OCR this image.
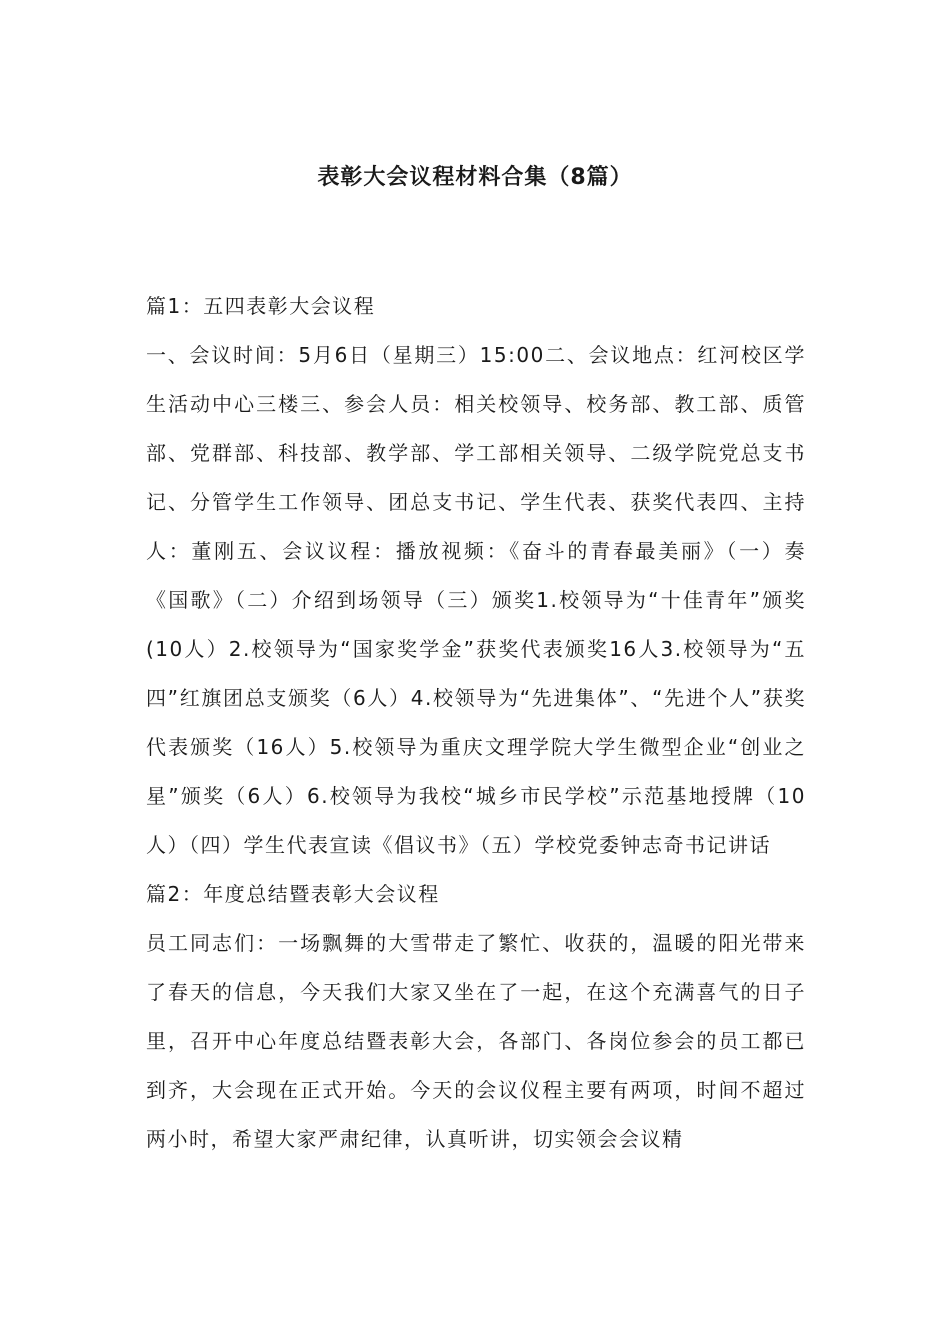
表彰大会议程材料合集（8篇）

篇1：五四表彰大会议程

一、会议时间：5月6日（星期三）15:00二、会议地点：红河校区学生活动中心三楼三、参会人员：相关校领导、校务部、教工部、质管部、党群部、科技部、教学部、学工部相关领导、二级学院党总支书记、分管学生工作领导、团总支书记、学生代表、获奖代表四、主持人：董刚五、会议议程：播放视频：《奋斗的青春最美丽》（一）奏《国歌》（二）介绍到场领导（三）颁奖1.校领导为“十佳青年”颁奖(10人）2.校领导为“国家奖学金”获奖代表颁奖16人3.校领导为“五四”红旗团总支颁奖（6人）4.校领导为“先进集体”、“先进个人”获奖代表颁奖（16人）5.校领导为重庆文理学院大学生微型企业“创业之星”颁奖（6人）6.校领导为我校“城乡市民学校”示范基地授牌（10人）（四）学生代表宣读《倡议书》（五）学校党委钟志奇书记讲话

篇2：年度总结暨表彰大会议程

员工同志们：一场飘舞的大雪带走了繁忙、收获的，温暖的阳光带来了春天的信息，今天我们大家又坐在了一起，在这个充满喜气的日子里，召开中心年度总结暨表彰大会，各部门、各岗位参会的员工都已到齐，大会现在正式开始。今天的会议仪程主要有两项，时间不超过两小时，希望大家严肃纪律，认真听讲，切实领会会议精
